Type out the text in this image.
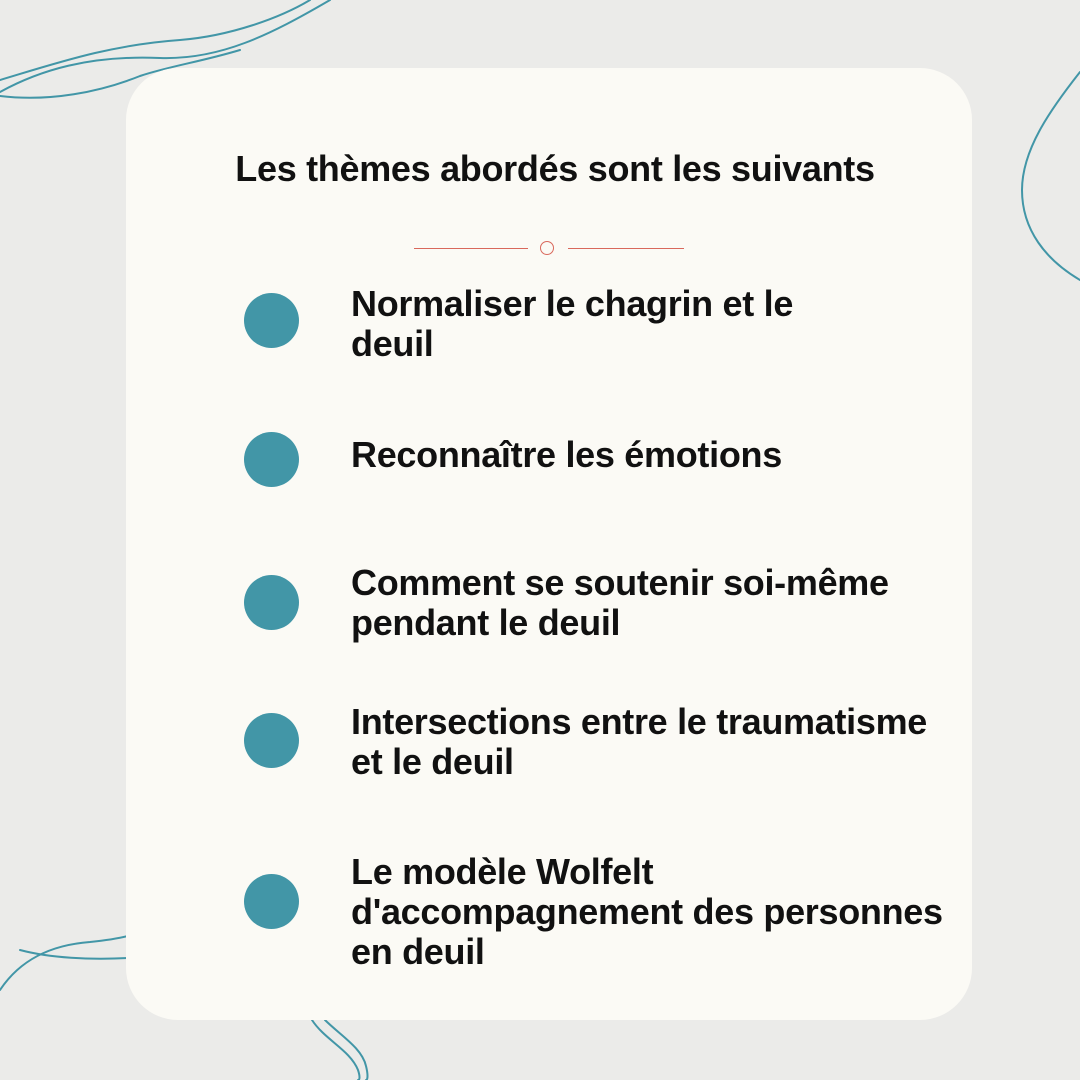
Les thèmes abordés sont les suivants

Normaliser le chagrin et le
deuil

Reconnaître les émotions

Comment se soutenir soi-même
pendant le deuil

Intersections entre le traumatisme
et le deuil

Le modèle Wolfelt
d'accompagnement des personnes
en deuil
